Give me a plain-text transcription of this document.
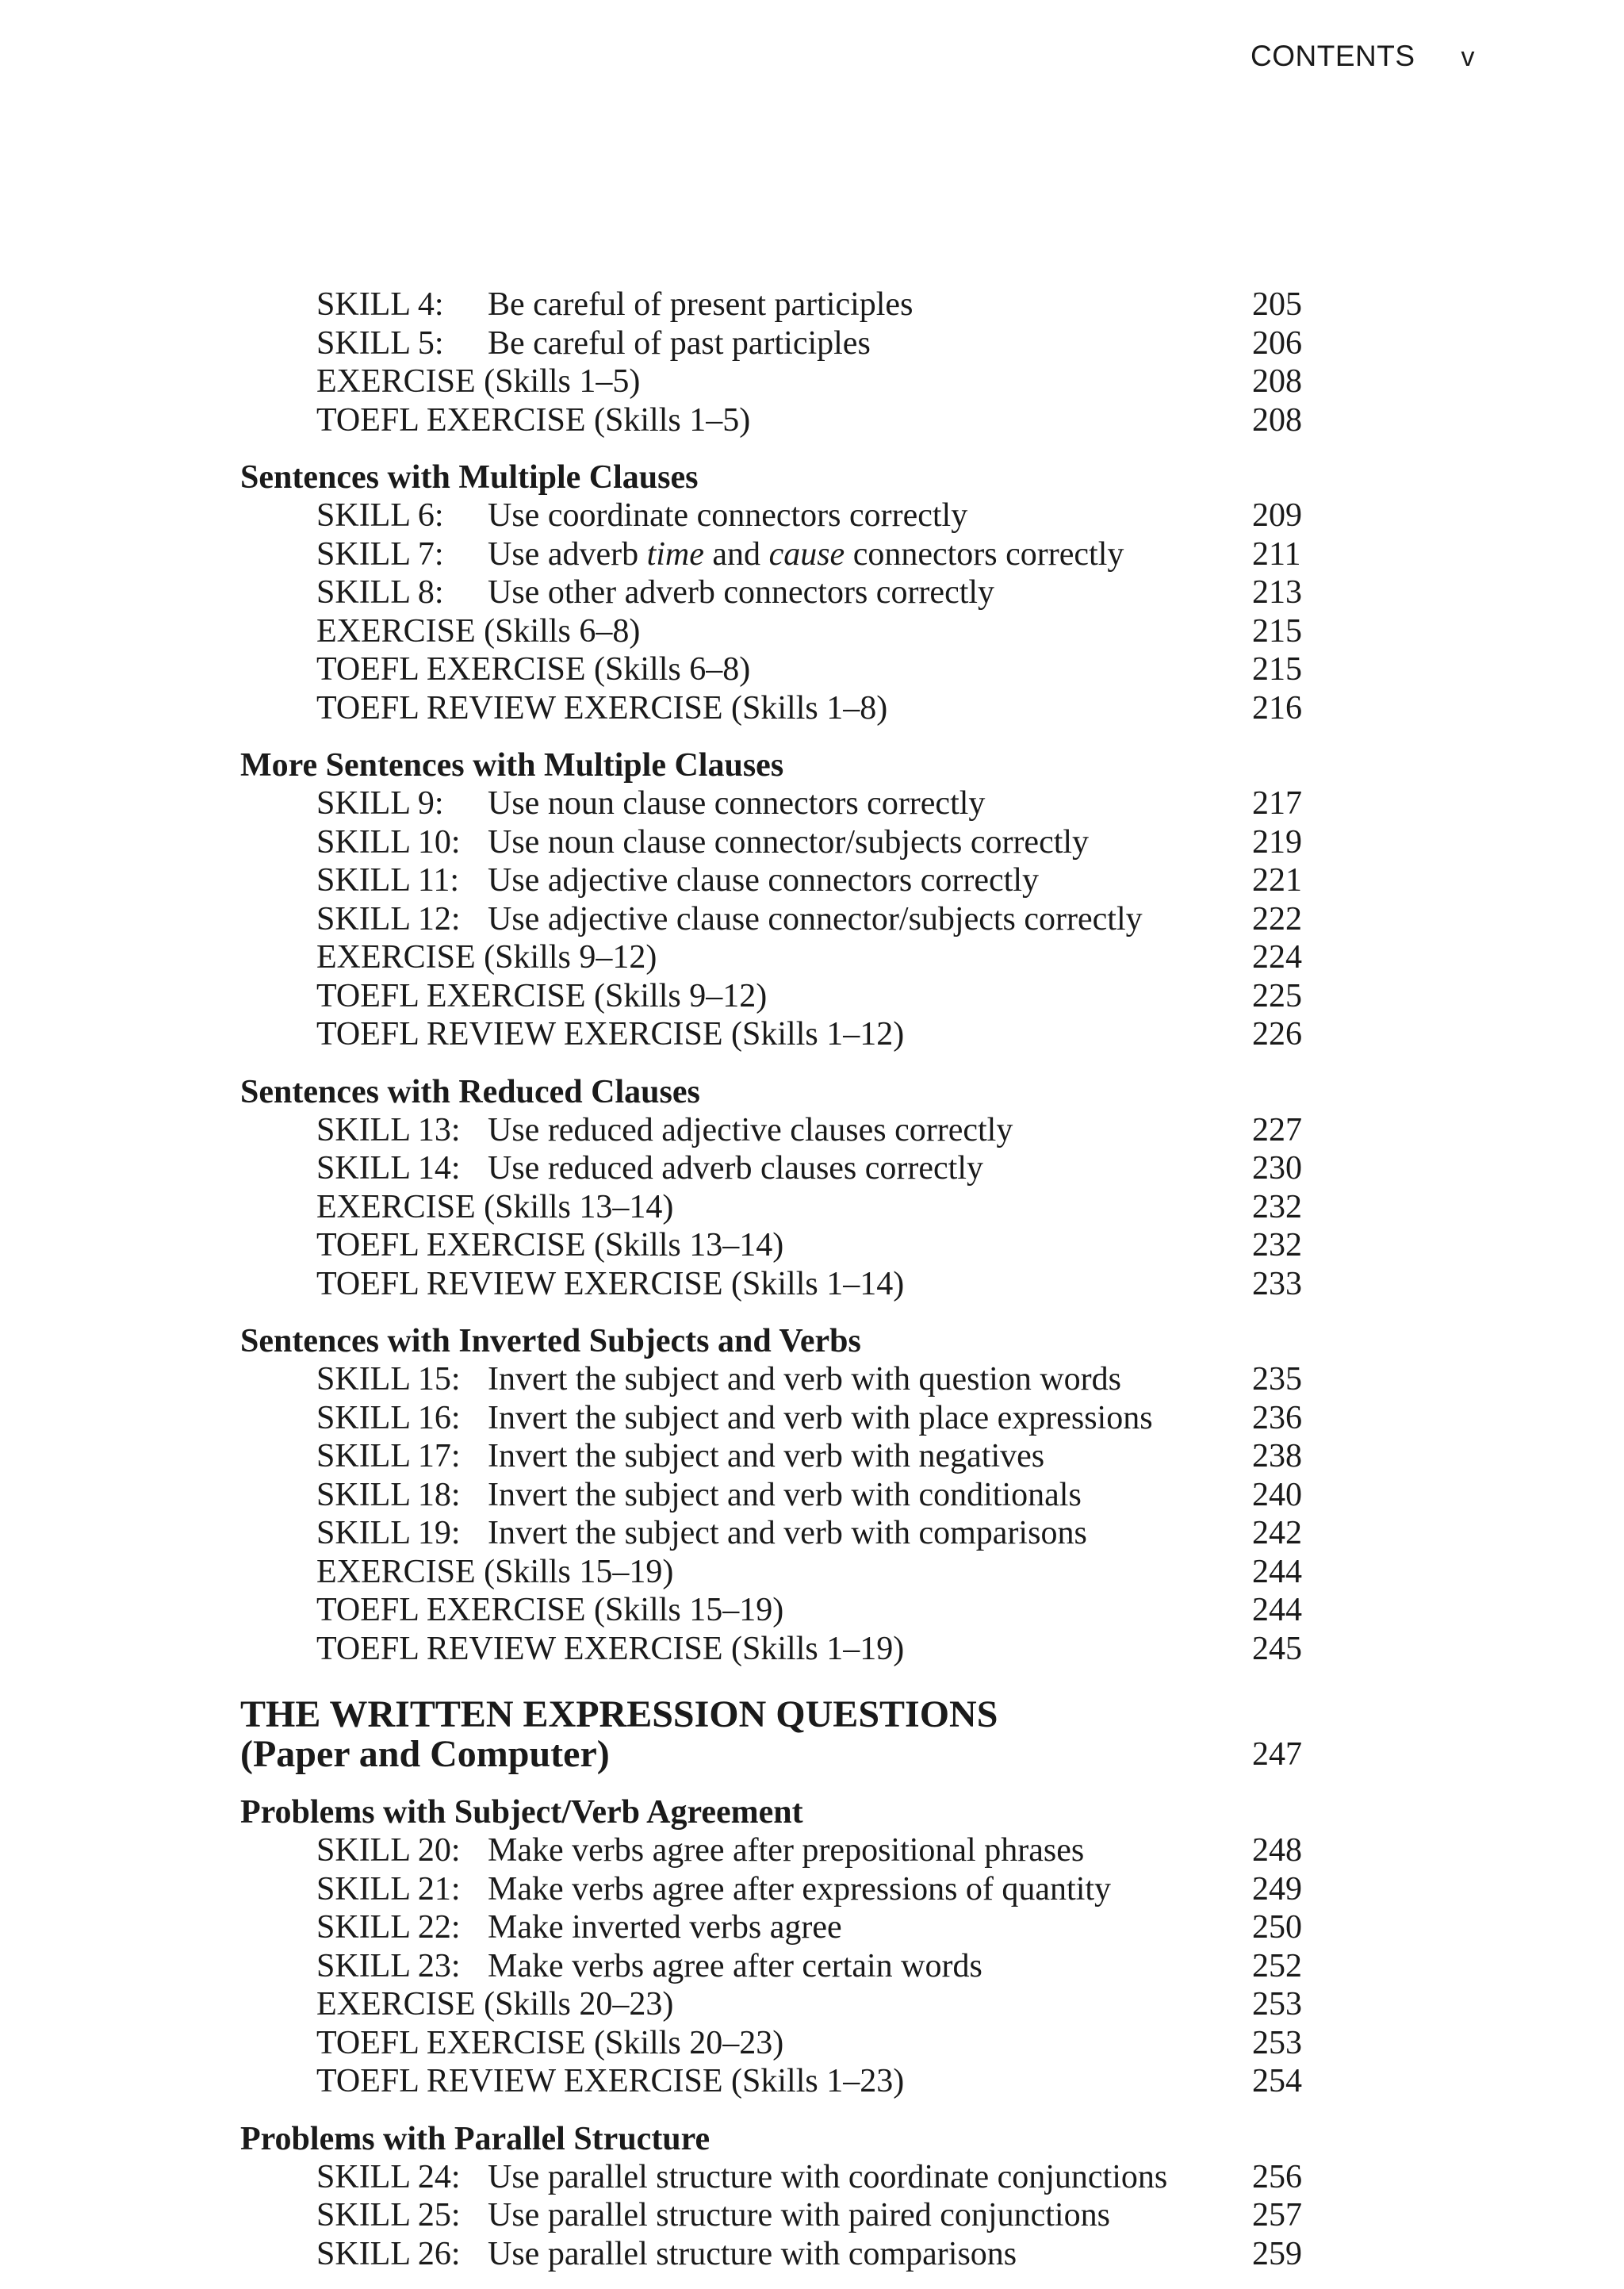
CONTENTS v
SKILL 4:	Be careful of present participles	205
SKILL 5:	Be careful of past participles	206
EXERCISE (Skills 1–5)	208
TOEFL EXERCISE (Skills 1–5)	208
Sentences with Multiple Clauses
SKILL 6:	Use coordinate connectors correctly	209
SKILL 7:	Use adverb time and cause connectors correctly	211
SKILL 8:	Use other adverb connectors correctly	213
EXERCISE (Skills 6–8)	215
TOEFL EXERCISE (Skills 6–8)	215
TOEFL REVIEW EXERCISE (Skills 1–8)	216
More Sentences with Multiple Clauses
SKILL 9:	Use noun clause connectors correctly	217
SKILL 10: Use noun clause connector/subjects correctly	219
SKILL 11: Use adjective clause connectors correctly	221
SKILL 12: Use adjective clause connector/subjects correctly	222
EXERCISE (Skills 9–12)	224
TOEFL EXERCISE (Skills 9–12)	225
TOEFL REVIEW EXERCISE (Skills 1–12)	226
Sentences with Reduced Clauses
SKILL 13: Use reduced adjective clauses correctly	227
SKILL 14: Use reduced adverb clauses correctly	230
EXERCISE (Skills 13–14)	232
TOEFL EXERCISE (Skills 13–14)	232
TOEFL REVIEW EXERCISE (Skills 1–14)	233
Sentences with Inverted Subjects and Verbs
SKILL 15: Invert the subject and verb with question words	235
SKILL 16: Invert the subject and verb with place expressions	236
SKILL 17: Invert the subject and verb with negatives	238
SKILL 18: Invert the subject and verb with conditionals	240
SKILL 19: Invert the subject and verb with comparisons	242
EXERCISE (Skills 15–19)	244
TOEFL EXERCISE (Skills 15–19)	244
TOEFL REVIEW EXERCISE (Skills 1–19)	245
THE WRITTEN EXPRESSION QUESTIONS
(Paper and Computer)	247
Problems with Subject/Verb Agreement
SKILL 20: Make verbs agree after prepositional phrases	248
SKILL 21: Make verbs agree after expressions of quantity	249
SKILL 22: Make inverted verbs agree	250
SKILL 23: Make verbs agree after certain words	252
EXERCISE (Skills 20–23)	253
TOEFL EXERCISE (Skills 20–23)	253
TOEFL REVIEW EXERCISE (Skills 1–23)	254
Problems with Parallel Structure
SKILL 24: Use parallel structure with coordinate conjunctions	256
SKILL 25: Use parallel structure with paired conjunctions	257
SKILL 26: Use parallel structure with comparisons	259
